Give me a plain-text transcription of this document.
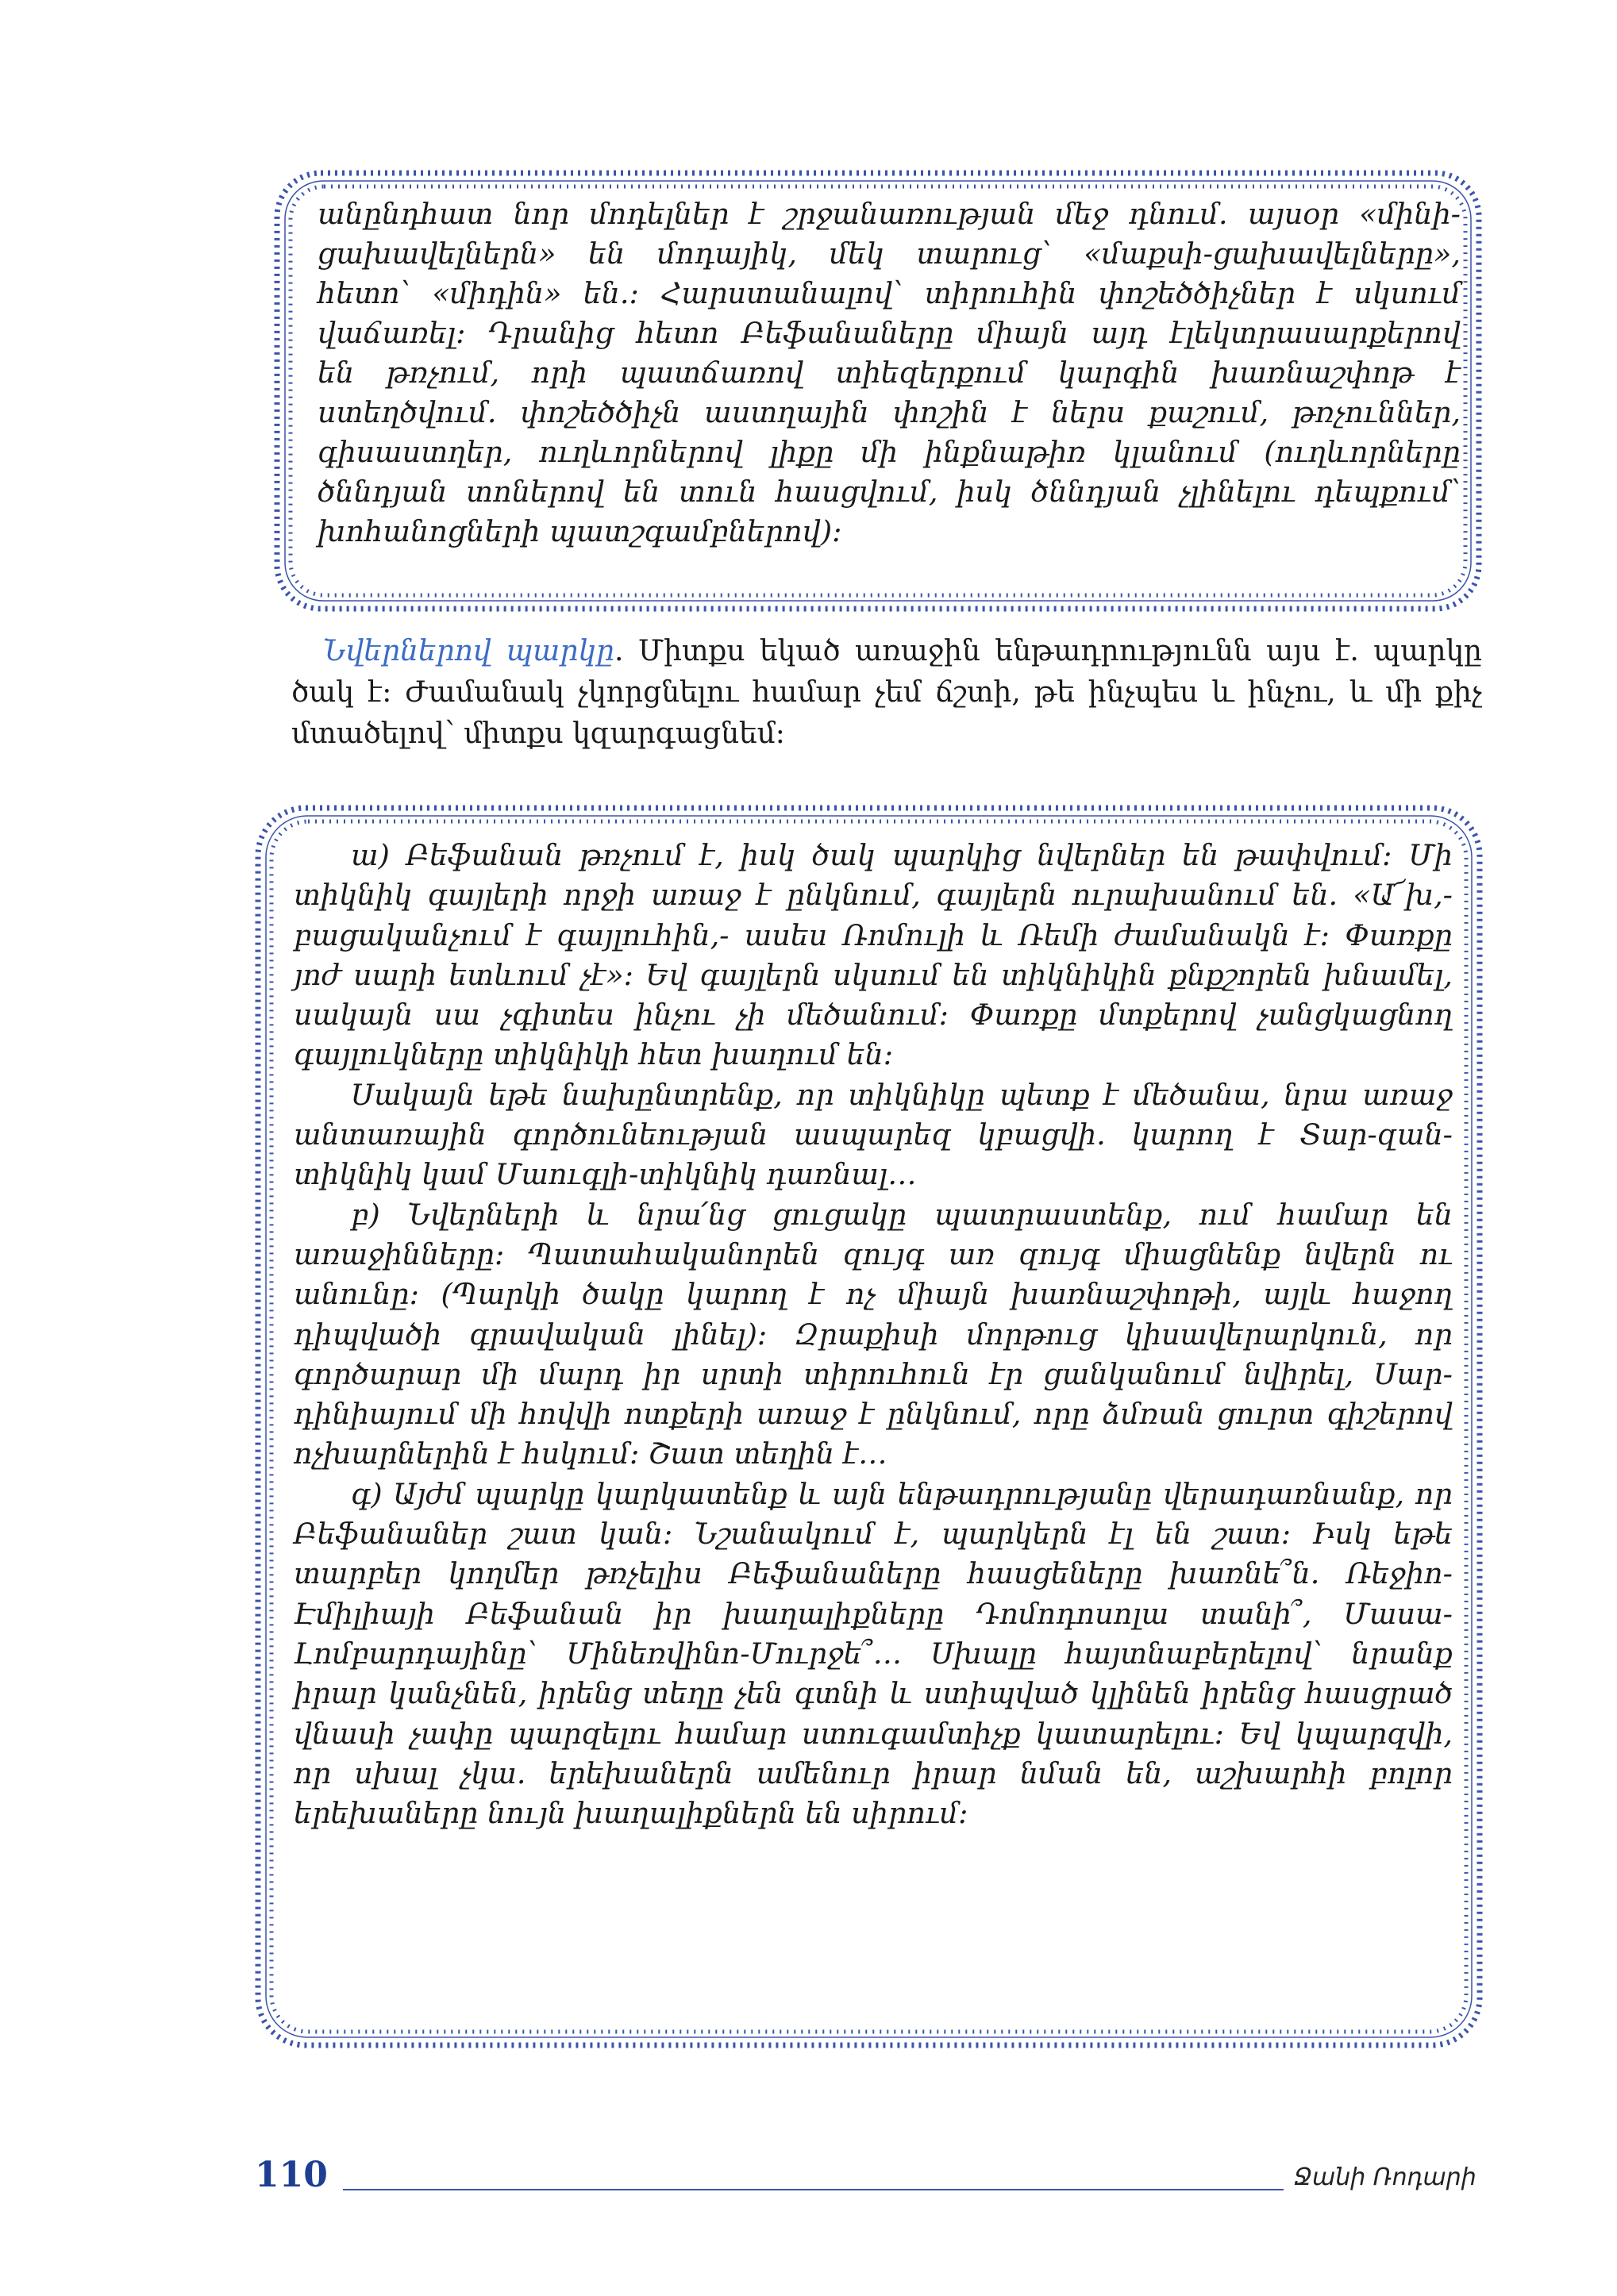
անընդհատ նոր մոդելներ է շրջանառության մեջ դնում. այսօր «մինի-

ցախավելներն» են մոդայիկ, մեկ տարուց՝ «մաքսի-ցախավելները»,

հետո՝ «միդին» են.: Հարստանալով՝ տիրուհին փոշեծծիչներ է սկսում

վաճառել: Դրանից հետո Բեֆանաները միայն այդ էլեկտրասարքերով

են թռչում, որի պատճառով տիեզերքում կարգին խառնաշփոթ է

ստեղծվում. փոշեծծիչն աստղային փոշին է ներս քաշում, թռչուններ,

գիսաստղեր, ուղևորներով լիքը մի ինքնաթիռ կլանում (ուղևորները

ծննդյան տոներով են տուն հասցվում, իսկ ծննդյան չլինելու դեպքում՝

խոհանոցների պատշգամբներով):

Նվերներով պարկը. Միտքս եկած առաջին ենթադրությունն այս է. պարկը ծակ է: Ժամանակ չկորցնելու համար չեմ ճշտի, թե ինչպես և ինչու, և մի քիչ մտածելով՝ միտքս կզարգացնեմ:

ա) Բեֆանան թռչում է, իսկ ծակ պարկից նվերներ են թափվում: Մի տիկնիկ գայլերի որջի առաջ է ընկնում, գայլերն ուրախանում են. «Ա՜խ,- բացականչում է գայլուհին,- ասես Ռոմուլի և Ռեմի ժամանակն է: Փառքը յոժ սարի ետևում չէ»: Եվ գայլերն սկսում են տիկնիկին քնքշորեն խնամել, սակայն սա չգիտես ինչու չի մեծանում: Փառքը մտքերով չանցկացնող գայլուկները տիկնիկի հետ խաղում են:

Սակայն եթե նախընտրենք, որ տիկնիկը պետք է մեծանա, նրա առաջ անտառային գործունեության ասպարեզ կբացվի. կարող է Տար-զան-տիկնիկ կամ Մաուգլի-տիկնիկ դառնալ…

բ) Նվերների և նրա՛նց ցուցակը պատրաստենք, ում համար են առաջինները: Պատահականորեն զույգ առ զույգ միացնենք նվերն ու անունը: (Պարկի ծակը կարող է ոչ միայն խառնաշփոթի, այլև հաջող դիպվածի գրավական լինել): Զրաքիսի մորթուց կիսավերարկուն, որ գործարար մի մարդ իր սրտի տիրուհուն էր ցանկանում նվիրել, Սար-դինիայում մի հովվի ոտքերի առաջ է ընկնում, որը ձմռան ցուրտ գիշերով ոչխարներին է հսկում: Շատ տեղին է…

գ) Այժմ պարկը կարկատենք և այն ենթադրությանը վերադառնանք, որ Բեֆանաներ շատ կան: Նշանակում է, պարկերն էլ են շատ: Իսկ եթե տարբեր կողմեր թռչելիս Բեֆանաները հասցեները խառնե՞ն. Ռեջիո-Էմիլիայի Բեֆանան իր խաղալիքները Դոմոդոսոլա տանի՞, Մասա-Լոմբարդայինը՝ Մինեռվինո-Մուրջե՞… Սխալը հայտնաբերելով՝ նրանք իրար կանչնեն, իրենց տեղը չեն գտնի և ստիպված կլինեն իրենց հասցրած վնասի չափը պարզելու համար ստուգամտիչք կատարելու: Եվ կպարզվի, որ սխալ չկա. երեխաներն ամենուր իրար նման են, աշխարհի բոլոր երեխաները նույն խաղալիքներն են սիրում:

110	Ջանի Ռոդարի
